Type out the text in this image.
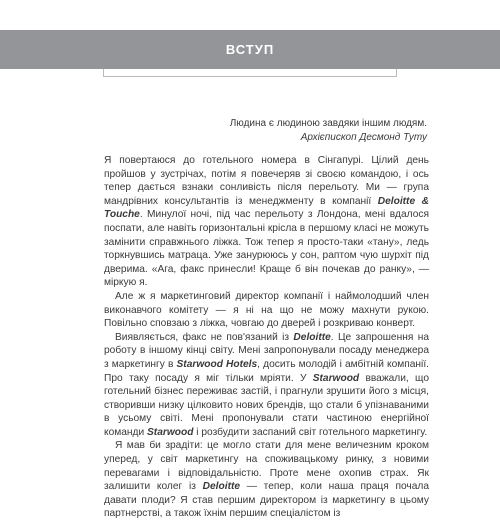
ВСТУП
Людина є людиною завдяки іншим людям.
Архієпископ Десмонд Туту

Я повертаюся до готельного номера в Сінгапурі. Цілий день пройшов у зустрічах, потім я повечеряв зі своєю командою, і ось тепер дається взнаки сонливість після перельоту. Ми — група мандрівних консультантів із менеджменту в компанії Deloitte & Touche. Минулої ночі, під час перельоту з Лондона, мені вдалося поспати, але навіть горизонтальні крісла в першому класі не можуть замінити справжнього ліжка. Тож тепер я просто-таки «тану», ледь торкнувшись матраца. Уже занурююсь у сон, раптом чую шурхіт під дверима. «Ага, факс принесли! Краще б він почекав до ранку», — міркую я.

Але ж я маркетинговий директор компанії і наймолодший член виконавчого комітету — я ні на що не можу махнути рукою. Повільно сповзаю з ліжка, човгаю до дверей і розкриваю конверт.

Виявляється, факс не пов'язаний із Deloitte. Це запрошення на роботу в іншому кінці світу. Мені запропонували посаду менеджера з маркетингу в Starwood Hotels, досить молодій і амбітній компанії. Про таку посаду я міг тільки мріяти. У Starwood вважали, що готельний бізнес переживає застій, і прагнули зрушити його з місця, створивши низку цілковито нових брендів, що стали б упізнаваними в усьому світі. Мені пропонували стати частиною енергійної команди Starwood і розбудити заспаний світ готельного маркетингу.

Я мав би зрадіти: це могло стати для мене величезним кроком уперед, у світ маркетингу на споживацькому ринку, з новими перевагами і відповідальністю. Проте мене охопив страх. Як залишити колег із Deloitte — тепер, коли наша праця почала давати плоди? Я став першим директором із маркетингу в цьому партнерстві, а також їхнім першим спеціалістом із
